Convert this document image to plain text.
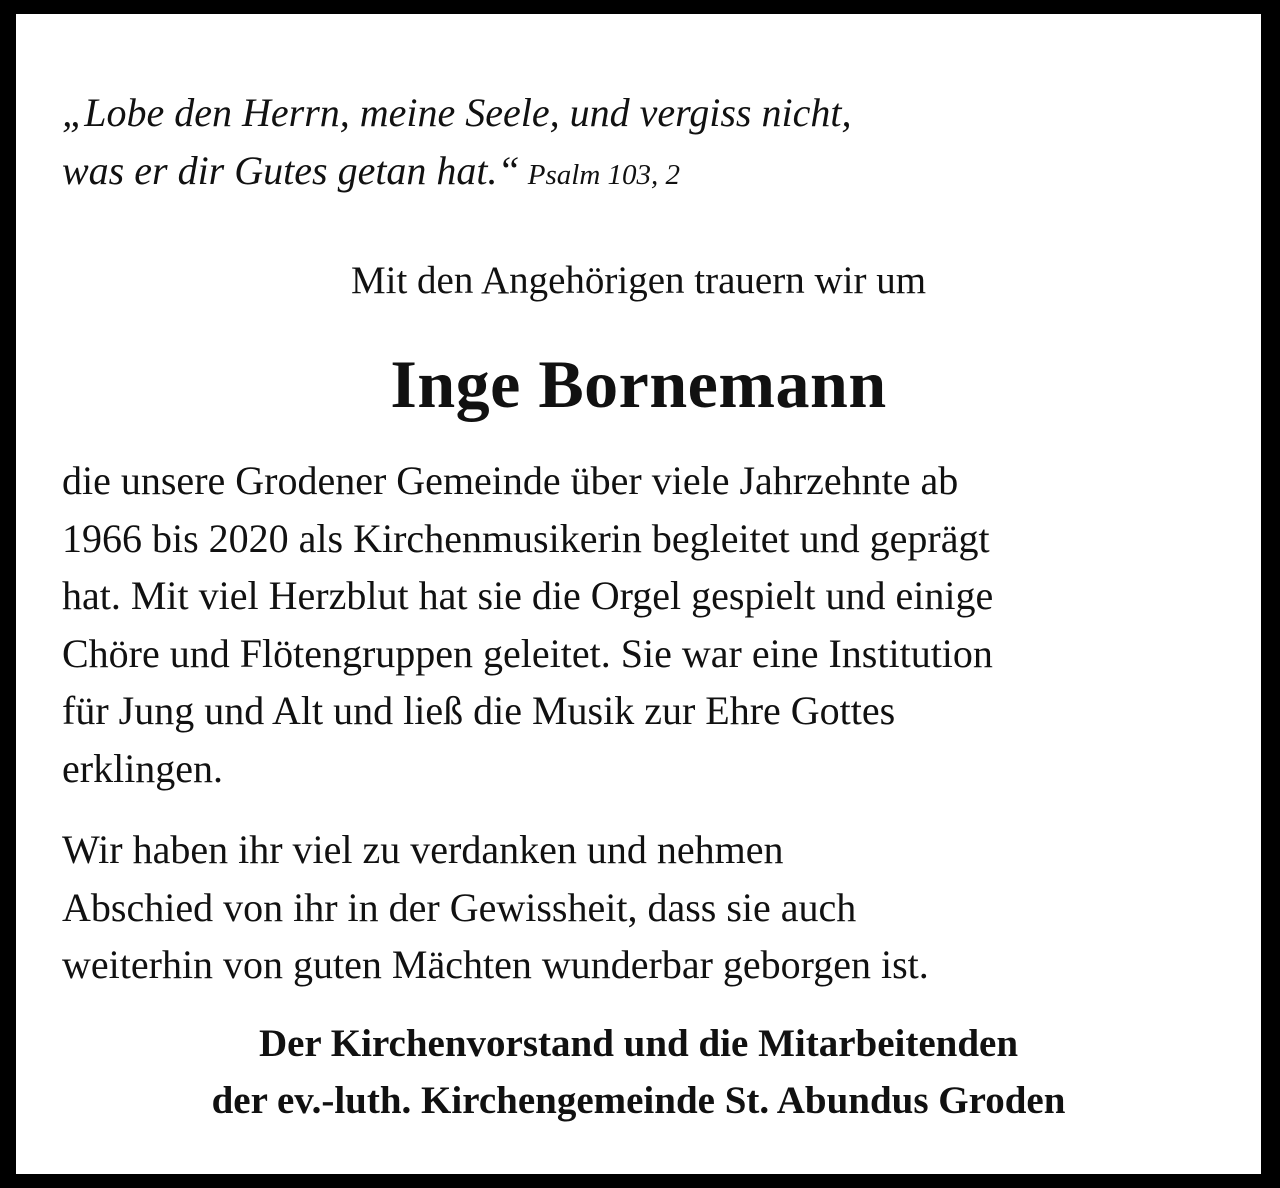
„Lobe den Herrn, meine Seele, und vergiss nicht,
was er dir Gutes getan hat.“ Psalm 103, 2

Mit den Angehörigen trauern wir um

Inge Bornemann

die unsere Grodener Gemeinde über viele Jahrzehnte ab
1966 bis 2020 als Kirchenmusikerin begleitet und geprägt
hat. Mit viel Herzblut hat sie die Orgel gespielt und einige
Chöre und Flötengruppen geleitet. Sie war eine Institution
für Jung und Alt und ließ die Musik zur Ehre Gottes
erklingen.

Wir haben ihr viel zu verdanken und nehmen
Abschied von ihr in der Gewissheit, dass sie auch
weiterhin von guten Mächten wunderbar geborgen ist.

Der Kirchenvorstand und die Mitarbeitenden
der ev.-luth. Kirchengemeinde St. Abundus Groden
